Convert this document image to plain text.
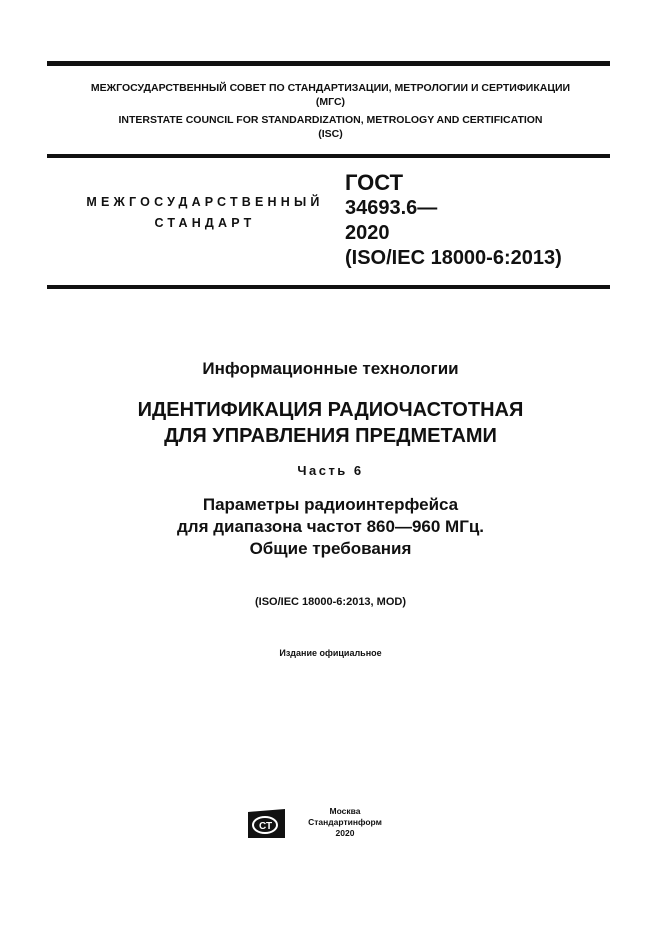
МЕЖГОСУДАРСТВЕННЫЙ СОВЕТ ПО СТАНДАРТИЗАЦИИ, МЕТРОЛОГИИ И СЕРТИФИКАЦИИ
(МГС)
INTERSTATE COUNCIL FOR STANDARDIZATION, METROLOGY AND CERTIFICATION
(ISC)
МЕЖГОСУДАРСТВЕННЫЙ
СТАНДАРТ
ГОСТ
34693.6—
2020
(ISO/IEC 18000-6:2013)
Информационные технологии
ИДЕНТИФИКАЦИЯ РАДИОЧАСТОТНАЯ
ДЛЯ УПРАВЛЕНИЯ ПРЕДМЕТАМИ
Часть 6
Параметры радиоинтерфейса
для диапазона частот 860—960 МГц.
Общие требования
(ISO/IEC 18000-6:2013, MOD)
Издание официальное
СТ
Москва
Стандартинформ
2020
